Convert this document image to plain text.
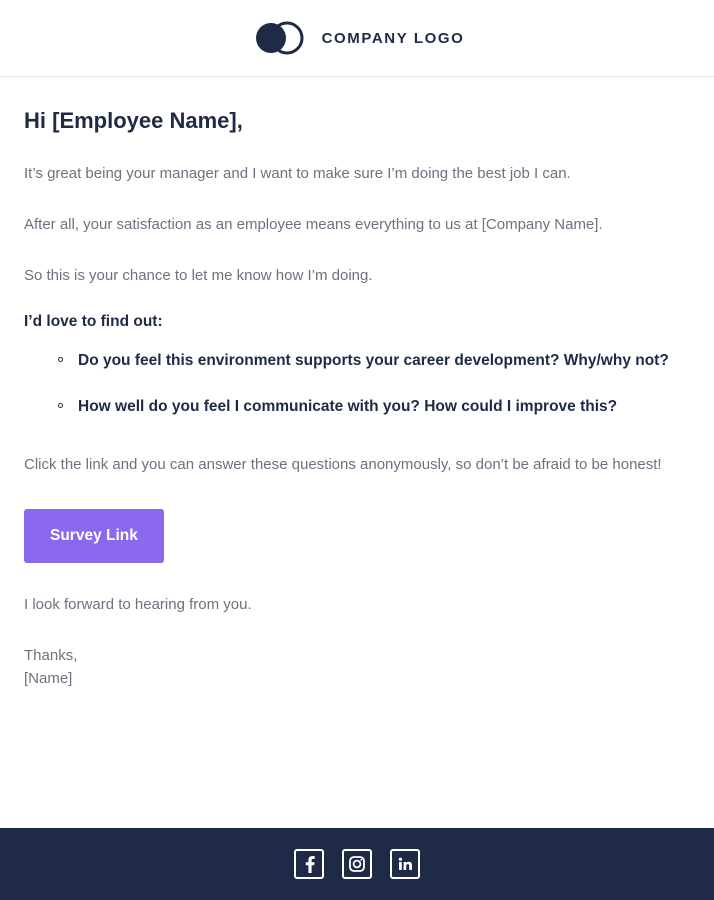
COMPANY LOGO
Hi [Employee Name],

It’s great being your manager and I want to make sure I’m doing the best job I can.

After all, your satisfaction as an employee means everything to us at [Company Name].

So this is your chance to let me know how I’m doing.

I’d love to find out:
Do you feel this environment supports your career development? Why/why not?
How well do you feel I communicate with you? How could I improve this?

Click the link and you can answer these questions anonymously, so don’t be afraid to be honest!

Survey Link

I look forward to hearing from you.

Thanks,

[Name]
